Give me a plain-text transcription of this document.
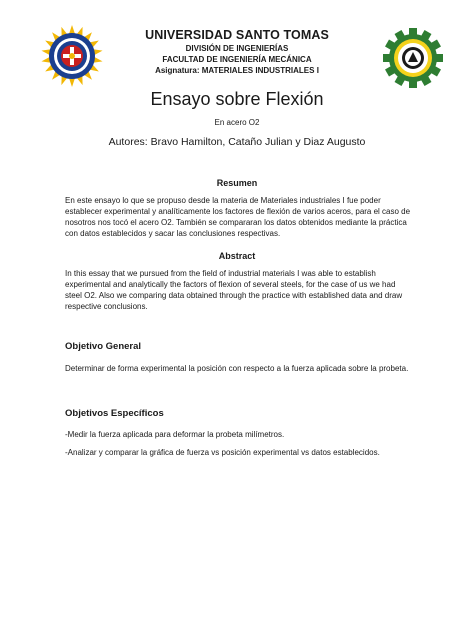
UNIVERSIDAD SANTO TOMAS
DIVISIÓN DE INGENIERÍAS
FACULTAD DE INGENIERÍA MECÁNICA
Asignatura: MATERIALES INDUSTRIALES I
Ensayo sobre Flexión
En acero O2
Autores: Bravo Hamilton, Cataño Julian y Diaz Augusto
Resumen

En este ensayo lo que se propuso desde la materia de Materiales industriales I fue poder establecer experimental y analíticamente los factores de flexión de varios aceros, para el caso de nosotros nos tocó el acero O2. También se compararan los datos obtenidos mediante la práctica con datos establecidos y sacar las conclusiones respectivas.

Abstract

In this essay that we pursued from the field of industrial materials I was able to establish experimental and analytically the factors of flexion of several steels, for the case of us we had steel O2. Also we comparing data obtained through the practice with established data and draw respective conclusions.

Objetivo General

Determinar de forma experimental la posición con respecto a la fuerza aplicada sobre la probeta.

Objetivos Específicos

-Medir la fuerza aplicada para deformar la probeta milímetros.

-Analizar y comparar la gráfica de fuerza vs posición experimental vs datos establecidos.
